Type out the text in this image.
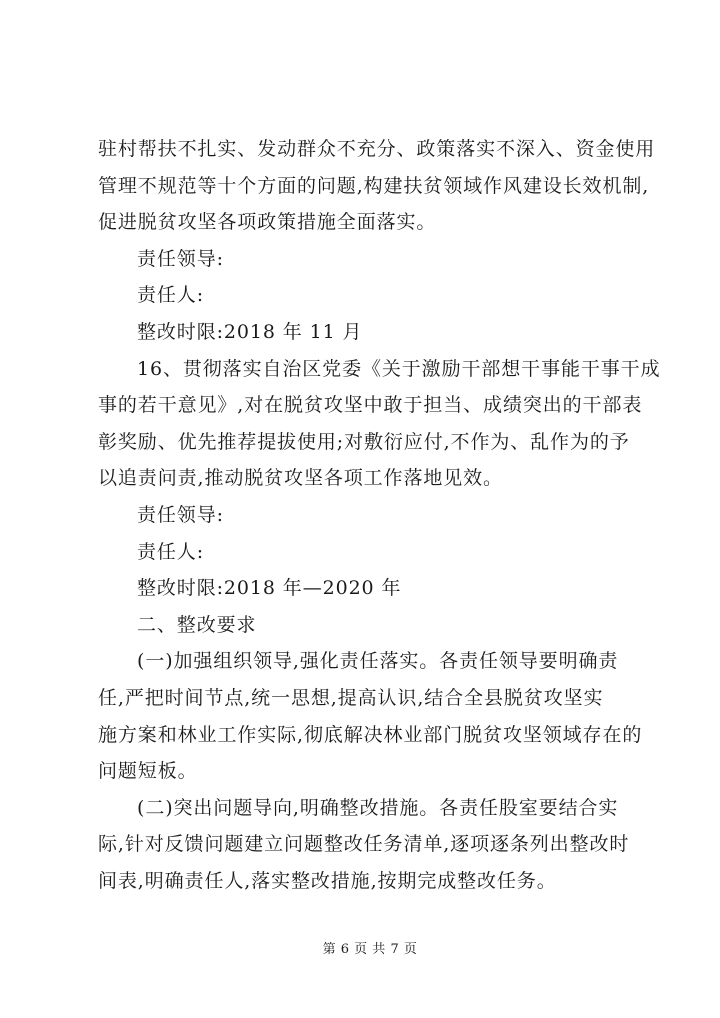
驻村帮扶不扎实、发动群众不充分、政策落实不深入、资金使用
管理不规范等十个方面的问题,构建扶贫领域作风建设长效机制,
促进脱贫攻坚各项政策措施全面落实。
责任领导:
责任人:
整改时限:2018 年 11 月
16、贯彻落实自治区党委《关于激励干部想干事能干事干成
事的若干意见》,对在脱贫攻坚中敢于担当、成绩突出的干部表
彰奖励、优先推荐提拔使用;对敷衍应付,不作为、乱作为的予
以追责问责,推动脱贫攻坚各项工作落地见效。
责任领导:
责任人:
整改时限:2018 年—2020 年
二、整改要求
(一)加强组织领导,强化责任落实。各责任领导要明确责
任,严把时间节点,统一思想,提高认识,结合全县脱贫攻坚实
施方案和林业工作实际,彻底解决林业部门脱贫攻坚领域存在的
问题短板。
(二)突出问题导向,明确整改措施。各责任股室要结合实
际,针对反馈问题建立问题整改任务清单,逐项逐条列出整改时
间表,明确责任人,落实整改措施,按期完成整改任务。
第 6 页 共 7 页
